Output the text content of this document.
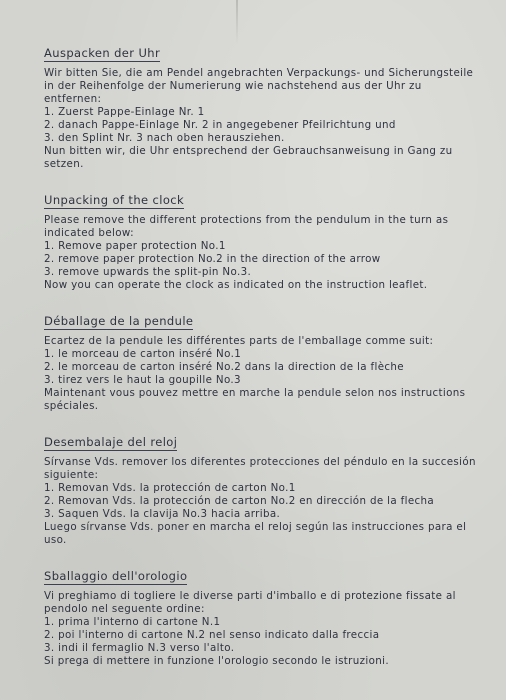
Auspacken der Uhr
Wir bitten Sie, die am Pendel angebrachten Verpackungs- und Sicherungsteile in der Reihenfolge der Numerierung wie nachstehend aus der Uhr zu entfernen:

1. Zuerst Pappe-Einlage Nr. 1

2. danach Pappe-Einlage Nr. 2 in angegebener Pfeilrichtung und

3. den Splint Nr. 3 nach oben herausziehen.

Nun bitten wir, die Uhr entsprechend der Gebrauchsanweisung in Gang zu setzen.
Unpacking of the clock
Please remove the different protections from the pendulum in the turn as indicated below:

1. Remove paper protection No.1

2. remove paper protection No.2 in the direction of the arrow

3. remove upwards the split-pin No.3.

Now you can operate the clock as indicated on the instruction leaflet.
Déballage de la pendule
Ecartez de la pendule les différentes parts de l'emballage comme suit:

1. le morceau de carton inséré No.1

2. le morceau de carton inséré No.2 dans la direction de la flèche

3. tirez vers le haut la goupille No.3

Maintenant vous pouvez mettre en marche la pendule selon nos instructions spéciales.
Desembalaje del reloj
Sírvanse Vds. remover los diferentes protecciones del péndulo en la succesión siguiente:

1. Removan Vds. la protección de carton No.1

2. Removan Vds. la protección de carton No.2 en dirección de la flecha

3. Saquen Vds. la clavija No.3 hacia arriba.

Luego sírvanse Vds. poner en marcha el reloj según las instrucciones para el uso.
Sballaggio dell'orologio
Vi preghiamo di togliere le diverse parti d'imballo e di protezione fissate al pendolo nel seguente ordine:

1. prima l'interno di cartone N.1

2. poi l'interno di cartone N.2 nel senso indicato dalla freccia

3. indi il fermaglio N.3 verso l'alto.

Si prega di mettere in funzione l'orologio secondo le istruzioni.
